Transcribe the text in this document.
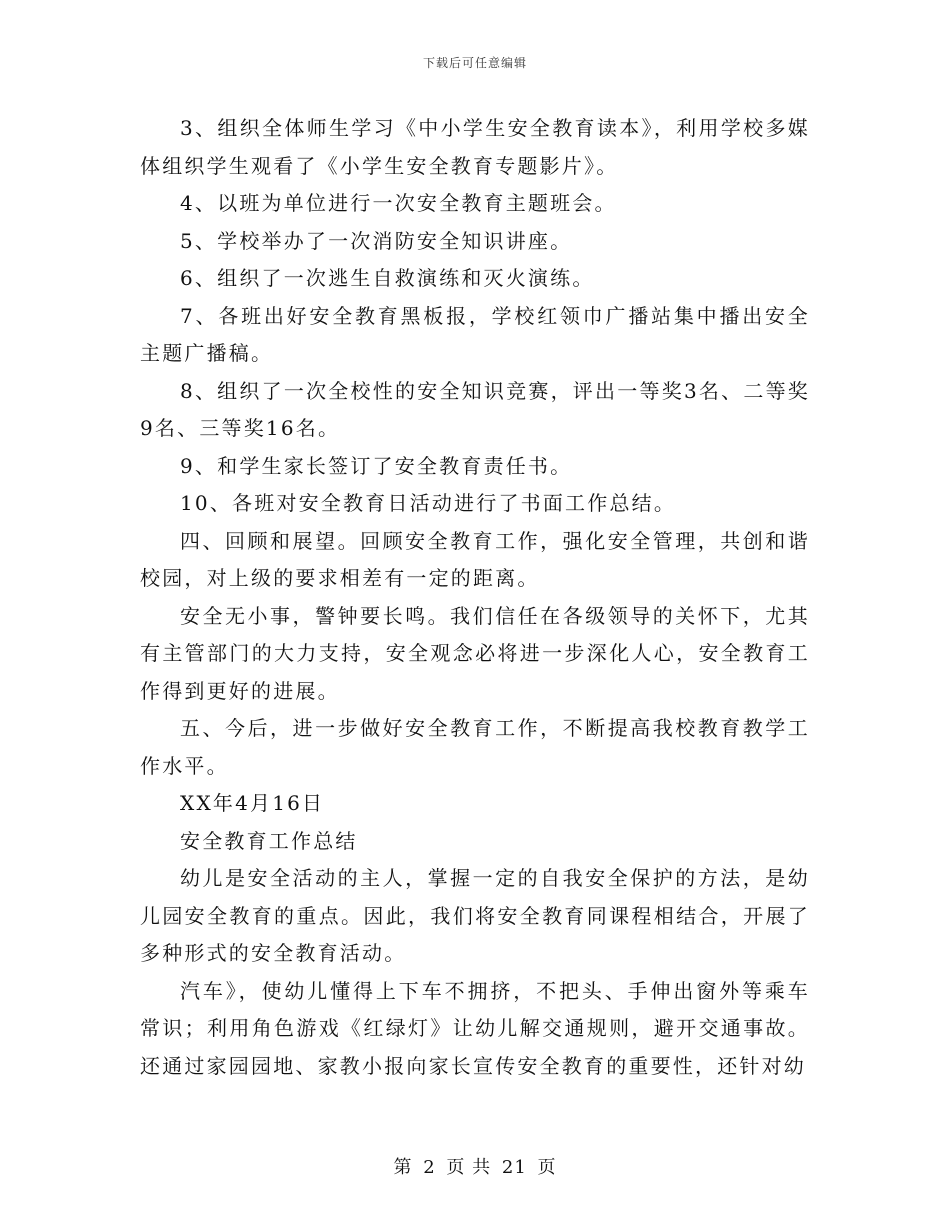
下载后可任意编辑

3、组织全体师生学习《中小学生安全教育读本》，利用学校多媒体组织学生观看了《小学生安全教育专题影片》。

4、以班为单位进行一次安全教育主题班会。

5、学校举办了一次消防安全知识讲座。

6、组织了一次逃生自救演练和灭火演练。

7、各班出好安全教育黑板报，学校红领巾广播站集中播出安全主题广播稿。

8、组织了一次全校性的安全知识竞赛，评出一等奖3名、二等奖9名、三等奖16名。

9、和学生家长签订了安全教育责任书。

10、各班对安全教育日活动进行了书面工作总结。

四、回顾和展望。回顾安全教育工作，强化安全管理，共创和谐校园，对上级的要求相差有一定的距离。

安全无小事，警钟要长鸣。我们信任在各级领导的关怀下，尤其有主管部门的大力支持，安全观念必将进一步深化人心，安全教育工作得到更好的进展。

五、今后，进一步做好安全教育工作，不断提高我校教育教学工作水平。

XX年4月16日

安全教育工作总结

幼儿是安全活动的主人，掌握一定的自我安全保护的方法，是幼儿园安全教育的重点。因此，我们将安全教育同课程相结合，开展了多种形式的安全教育活动。

汽车》，使幼儿懂得上下车不拥挤，不把头、手伸出窗外等乘车常识；利用角色游戏《红绿灯》让幼儿解交通规则，避开交通事故。还通过家园园地、家教小报向家长宣传安全教育的重要性，还针对幼

第 2 页 共 21 页
